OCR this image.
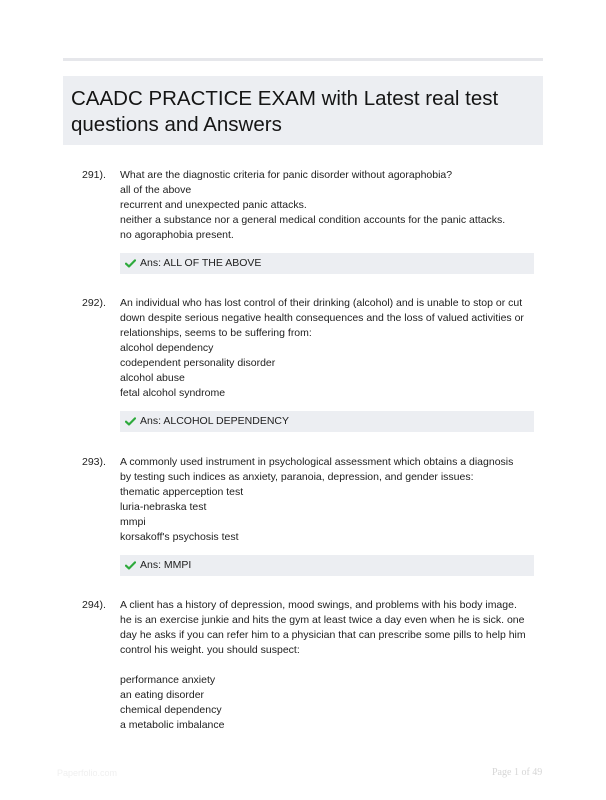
CAADC PRACTICE EXAM with Latest real test questions and Answers
291). What are the diagnostic criteria for panic disorder without agoraphobia?
all of the above
recurrent and unexpected panic attacks.
neither a substance nor a general medical condition accounts for the panic attacks.
no agoraphobia present.
Ans: ALL OF THE ABOVE
292). An individual who has lost control of their drinking (alcohol) and is unable to stop or cut
down despite serious negative health consequences and the loss of valued activities or
relationships, seems to be suffering from:
alcohol dependency
codependent personality disorder
alcohol abuse
fetal alcohol syndrome
Ans: ALCOHOL DEPENDENCY
293). A commonly used instrument in psychological assessment which obtains a diagnosis
by testing such indices as anxiety, paranoia, depression, and gender issues:
thematic apperception test
luria-nebraska test
mmpi
korsakoff's psychosis test
Ans: MMPI
294). A client has a history of depression, mood swings, and problems with his body image.
he is an exercise junkie and hits the gym at least twice a day even when he is sick. one
day he asks if you can refer him to a physician that can prescribe some pills to help him
control his weight. you should suspect:
performance anxiety
an eating disorder
chemical dependency
a metabolic imbalance
Paperfolio.com	Page 1 of 49
